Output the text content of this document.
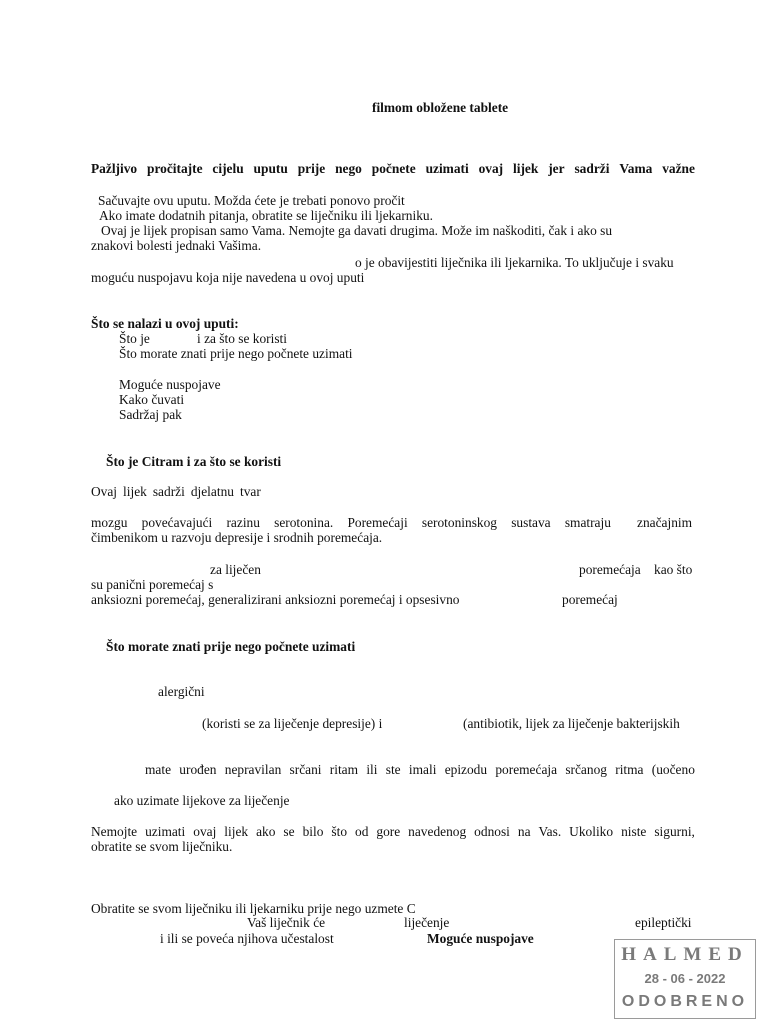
filmom obložene tablete
Pažljivo pročitajte cijelu uputu prije nego počnete uzimati ovaj lijek jer sadrži Vama važne
Sačuvajte ovu uputu. Možda ćete je trebati ponovo pročit
Ako imate dodatnih pitanja, obratite se liječniku ili ljekarniku.
Ovaj je lijek propisan samo Vama. Nemojte ga davati drugima. Može im naškoditi, čak i ako su
znakovi bolesti jednaki Vašima.
o je obavijestiti liječnika ili ljekarnika. To uključuje i svaku
moguću nuspojavu koja nije navedena u ovoj uputi
Što se nalazi u ovoj uputi:
Što je	i za što se koristi
Što morate znati prije nego počnete uzimati
Moguće nuspojave
Kako čuvati
Sadržaj pak
Što je Citram i za što se koristi
Ovaj lijek sadrži djelatnu tvar
mozgu povećavajući razinu serotonina. Poremećaji serotoninskog sustava smatraju značajnim
čimbenikom u razvoju depresije i srodnih poremećaja.
za liječen	poremećaja kao što
su panični poremećaj s
anksiozni poremećaj, generalizirani anksiozni poremećaj i opsesivno	poremećaj
Što morate znati prije nego počnete uzimati
alergični
(koristi se za liječenje depresije) i	(antibiotik, lijek za liječenje bakterijskih
mate urođen nepravilan srčani ritam ili ste imali epizodu poremećaja srčanog ritma (uočeno
ako uzimate lijekove za liječenje
Nemojte uzimati ovaj lijek ako se bilo što od gore navedenog odnosi na Vas. Ukoliko niste sigurni,
obratite se svom liječniku.
Obratite se svom liječniku ili ljekarniku prije nego uzmete C
Vaš liječnik će	liječenje	epileptički
i ili se poveća njihova učestalost	Moguće nuspojave
HALMED
28 - 06 - 2022
ODOBRENO
